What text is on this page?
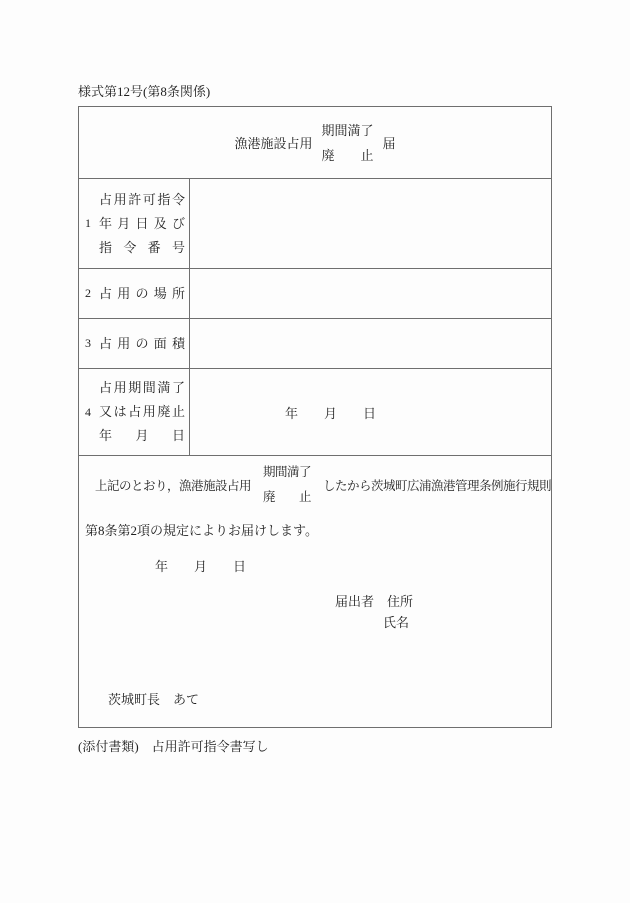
様式第12号(第8条関係)
漁港施設占用
期間満了
廃止
届
1
占用許可指令
年月日及び
指令番号
2 占用の場所
3 占用の面積
4
占用期間満了
又は占用廃止
年月日
年　　月　　日
上記のとおり，漁港施設占用
期間満了
廃止
したから茨城町広浦漁港管理条例施行規則
第8条第2項の規定によりお届けします。
年　　月　　日
届出者　住所
氏名
茨城町長　あて
(添付書類)　占用許可指令書写し
